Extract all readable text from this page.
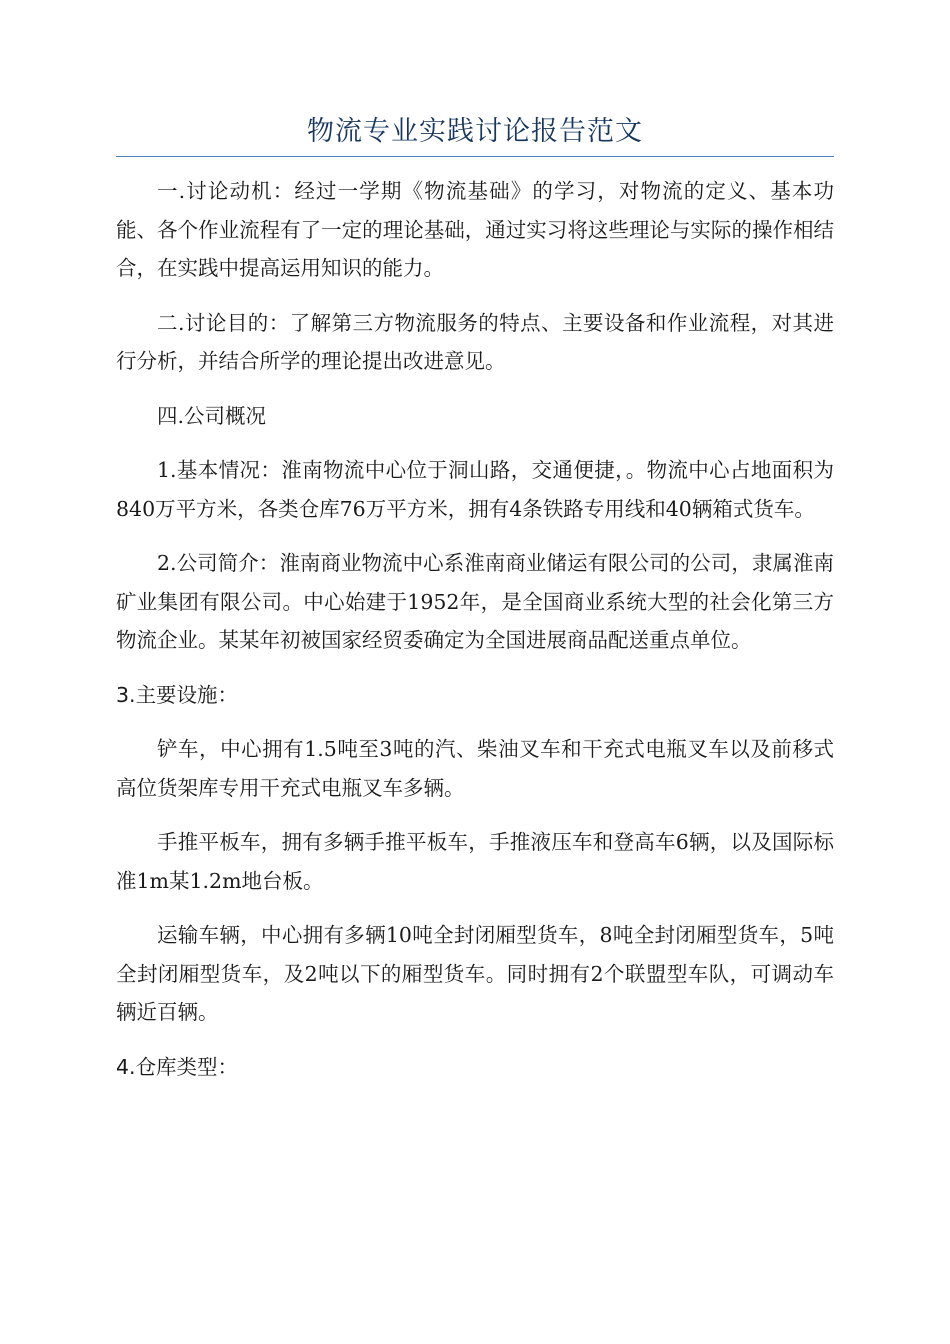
物流专业实践讨论报告范文

一.讨论动机：经过一学期《物流基础》的学习，对物流的定义、基本功能、各个作业流程有了一定的理论基础，通过实习将这些理论与实际的操作相结合，在实践中提高运用知识的能力。

二.讨论目的：了解第三方物流服务的特点、主要设备和作业流程，对其进行分析，并结合所学的理论提出改进意见。

四.公司概况

1.基本情况：淮南物流中心位于洞山路，交通便捷，。物流中心占地面积为840万平方米，各类仓库76万平方米，拥有4条铁路专用线和40辆箱式货车。

2.公司简介：淮南商业物流中心系淮南商业储运有限公司的公司，隶属淮南矿业集团有限公司。中心始建于1952年，是全国商业系统大型的社会化第三方物流企业。某某年初被国家经贸委确定为全国进展商品配送重点单位。

3.主要设施：

铲车，中心拥有1.5吨至3吨的汽、柴油叉车和干充式电瓶叉车以及前移式高位货架库专用干充式电瓶叉车多辆。

手推平板车，拥有多辆手推平板车，手推液压车和登高车6辆，以及国际标准1m某1.2m地台板。

运输车辆，中心拥有多辆10吨全封闭厢型货车，8吨全封闭厢型货车，5吨全封闭厢型货车，及2吨以下的厢型货车。同时拥有2个联盟型车队，可调动车辆近百辆。

4.仓库类型：
